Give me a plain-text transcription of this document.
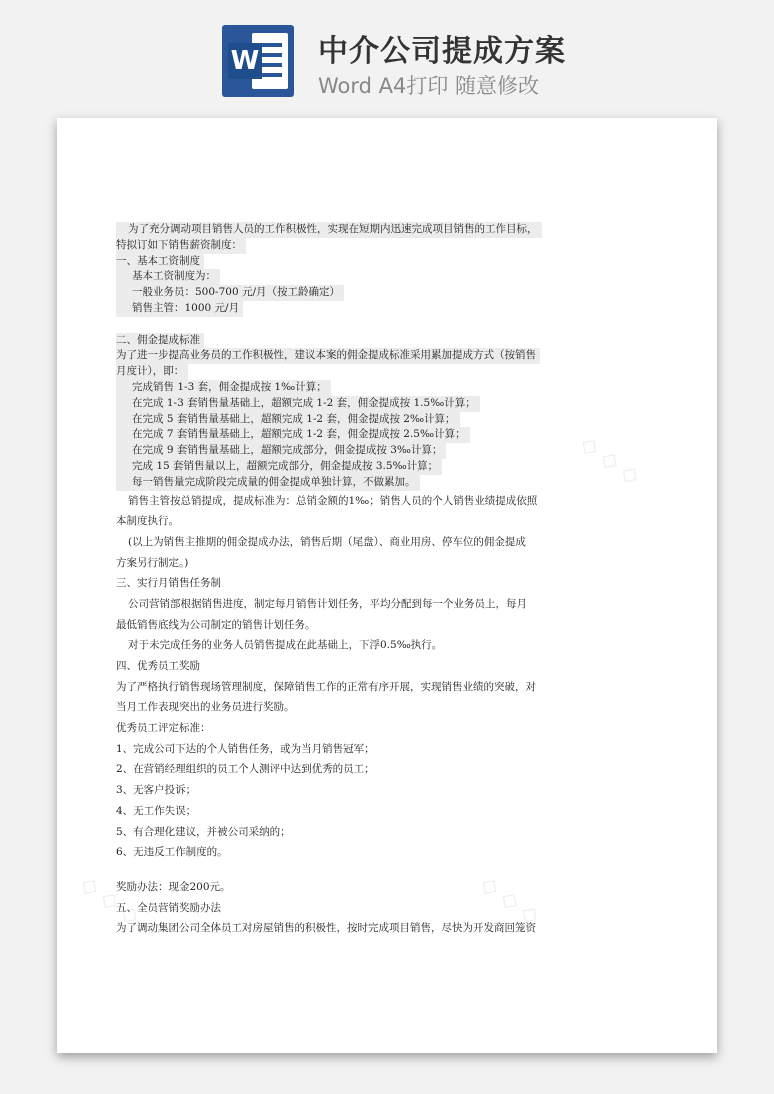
W 中介公司提成方案
Word A4打印 随意修改
◇ ◇ ◇
◇ ◇ ◇	◇ ◇ ◇
为了充分调动项目销售人员的工作积极性，实现在短期内迅速完成项目销售的工作目标，
特拟订如下销售薪资制度：
一、基本工资制度
基本工资制度为：
一般业务员：500-700 元/月（按工龄确定）
销售主管：1000 元/月
二、佣金提成标准
为了进一步提高业务员的工作积极性，建议本案的佣金提成标准采用累加提成方式（按销售
月度计），即：
完成销售 1-3 套，佣金提成按 1‰计算；
在完成 1-3 套销售量基础上，超额完成 1-2 套，佣金提成按 1.5‰计算；
在完成 5 套销售量基础上，超额完成 1-2 套，佣金提成按 2‰计算；
在完成 7 套销售量基础上，超额完成 1-2 套，佣金提成按 2.5‰计算；
在完成 9 套销售量基础上，超额完成部分，佣金提成按 3‰计算；
完成 15 套销售量以上，超额完成部分，佣金提成按 3.5‰计算；
每一销售量完成阶段完成量的佣金提成单独计算，不做累加。
销售主管按总销提成，提成标准为：总销金额的1‰；销售人员的个人销售业绩提成依照
本制度执行。
(以上为销售主推期的佣金提成办法，销售后期（尾盘）、商业用房、停车位的佣金提成
方案另行制定。)
三、实行月销售任务制
公司营销部根据销售进度，制定每月销售计划任务，平均分配到每一个业务员上，每月
最低销售底线为公司制定的销售计划任务。
对于未完成任务的业务人员销售提成在此基础上，下浮0.5‰执行。
四、优秀员工奖励
为了严格执行销售现场管理制度，保障销售工作的正常有序开展，实现销售业绩的突破，对
当月工作表现突出的业务员进行奖励。
优秀员工评定标准：
1、完成公司下达的个人销售任务，或为当月销售冠军；
2、在营销经理组织的员工个人测评中达到优秀的员工；
3、无客户投诉；
4、无工作失误；
5、有合理化建议，并被公司采纳的；
6、无违反工作制度的。
奖励办法：现金200元。
五、全员营销奖励办法
为了调动集团公司全体员工对房屋销售的积极性，按时完成项目销售，尽快为开发商回笼资
